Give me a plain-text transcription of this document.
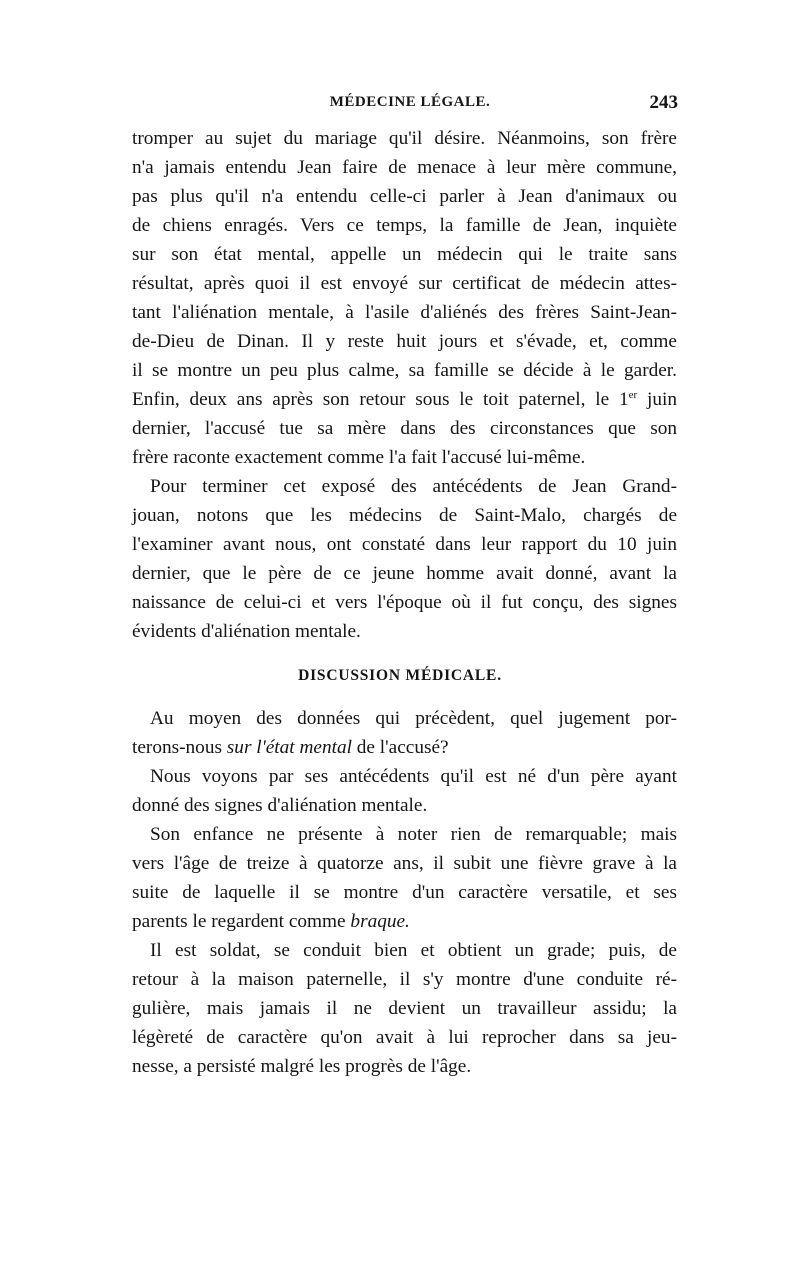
MÉDECINE LÉGALE.	243

tromper au sujet du mariage qu'il désire. Néanmoins, son frère

n'a jamais entendu Jean faire de menace à leur mère commune,

pas plus qu'il n'a entendu celle-ci parler à Jean d'animaux ou

de chiens enragés. Vers ce temps, la famille de Jean, inquiète

sur son état mental, appelle un médecin qui le traite sans

résultat, après quoi il est envoyé sur certificat de médecin attes-

tant l'aliénation mentale, à l'asile d'aliénés des frères Saint-Jean-

de-Dieu de Dinan. Il y reste huit jours et s'évade, et, comme

il se montre un peu plus calme, sa famille se décide à le garder.

Enfin, deux ans après son retour sous le toit paternel, le 1er juin

dernier, l'accusé tue sa mère dans des circonstances que son

frère raconte exactement comme l'a fait l'accusé lui-même.

Pour terminer cet exposé des antécédents de Jean Grand-

jouan, notons que les médecins de Saint-Malo, chargés de

l'examiner avant nous, ont constaté dans leur rapport du 10 juin

dernier, que le père de ce jeune homme avait donné, avant la

naissance de celui-ci et vers l'époque où il fut conçu, des signes

évidents d'aliénation mentale.

DISCUSSION MÉDICALE.

Au moyen des données qui précèdent, quel jugement por-

terons-nous sur l'état mental de l'accusé?

Nous voyons par ses antécédents qu'il est né d'un père ayant

donné des signes d'aliénation mentale.

Son enfance ne présente à noter rien de remarquable; mais

vers l'âge de treize à quatorze ans, il subit une fièvre grave à la

suite de laquelle il se montre d'un caractère versatile, et ses

parents le regardent comme braque.

Il est soldat, se conduit bien et obtient un grade; puis, de

retour à la maison paternelle, il s'y montre d'une conduite ré-

gulière, mais jamais il ne devient un travailleur assidu; la

légèreté de caractère qu'on avait à lui reprocher dans sa jeu-

nesse, a persisté malgré les progrès de l'âge.
